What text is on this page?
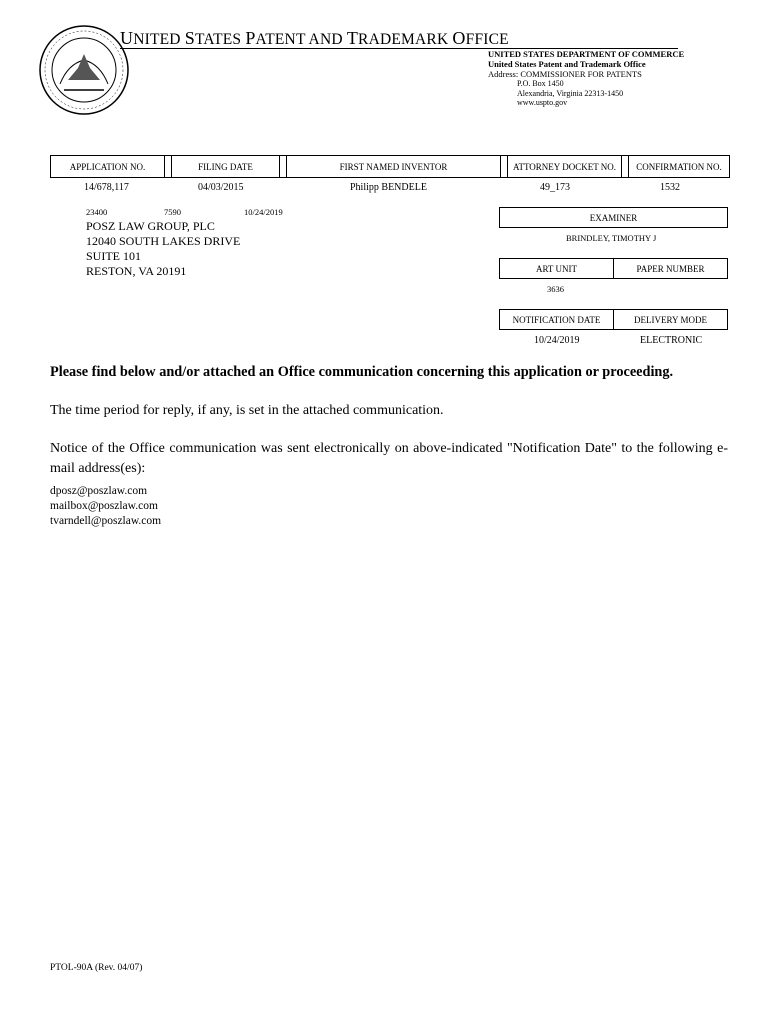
UNITED STATES PATENT AND TRADEMARK OFFICE
UNITED STATES DEPARTMENT OF COMMERCE
United States Patent and Trademark Office
Address: COMMISSIONER FOR PATENTS
P.O. Box 1450
Alexandria, Virginia 22313-1450
www.uspto.gov
APPLICATION NO.	FILING DATE	FIRST NAMED INVENTOR	ATTORNEY DOCKET NO.	CONFIRMATION NO.
14/678,117	04/03/2015	Philipp BENDELE	49_173	1532
23400	7590	10/24/2019
POSZ LAW GROUP, PLC
12040 SOUTH LAKES DRIVE
SUITE 101
RESTON, VA 20191
EXAMINER
BRINDLEY, TIMOTHY J
ART UNIT	PAPER NUMBER
3636
NOTIFICATION DATE	DELIVERY MODE
10/24/2019	ELECTRONIC
Please find below and/or attached an Office communication concerning this application or proceeding.
The time period for reply, if any, is set in the attached communication.
Notice of the Office communication was sent electronically on above-indicated "Notification Date" to the following e-mail address(es):
dposz@poszlaw.com
mailbox@poszlaw.com
tvarndell@poszlaw.com
PTOL-90A (Rev. 04/07)
